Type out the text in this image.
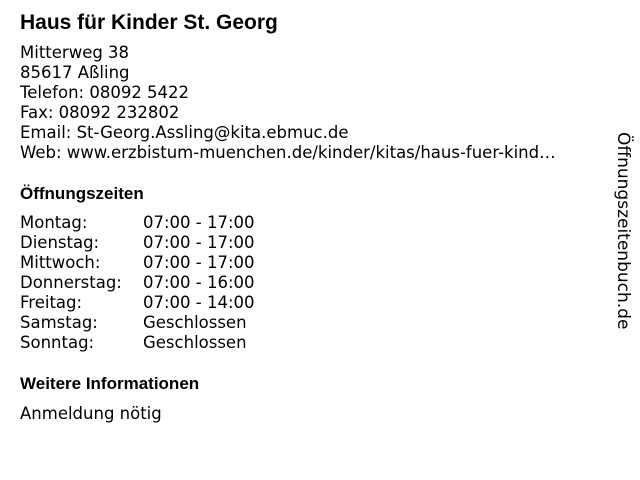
Haus für Kinder St. Georg
Mitterweg 38
85617 Aßling
Telefon: 08092 5422
Fax: 08092 232802
Email: St-Georg.Assling@kita.ebmuc.de
Web: www.erzbistum-muenchen.de/kinder/kitas/haus-fuer-kind…
Öffnungszeiten
Montag:	07:00 - 17:00
Dienstag:	07:00 - 17:00
Mittwoch:	07:00 - 17:00
Donnerstag:	07:00 - 16:00
Freitag:	07:00 - 14:00
Samstag:	Geschlossen
Sonntag:	Geschlossen
Weitere Informationen
Anmeldung nötig
Öffnungszeitenbuch.de
